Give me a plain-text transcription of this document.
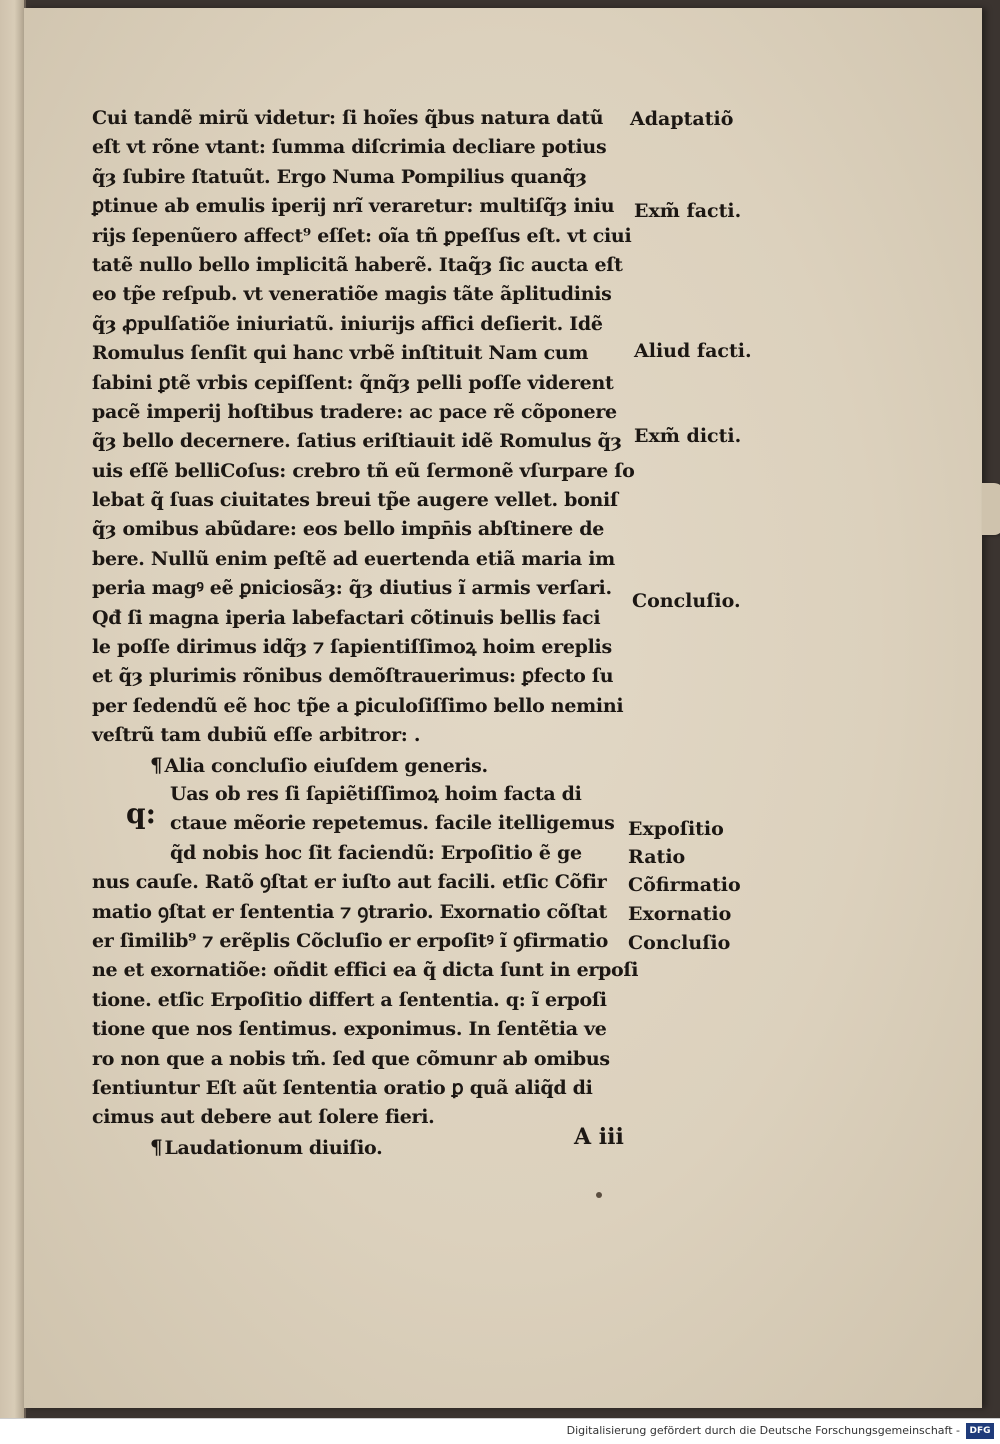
Cui tandẽ mirũ videtur: ſi hoĩes q̃bus natura datũ
eſt vt rõne vtant: ſumma diſcrimia decliare potius
q̃ȝ ſubire ſtatuũt. Ergo Numa Pompilius quanq̃ȝ
ꝑtinue ab emulis iperij nrĩ veraretur: multiſq̃ȝ iniu
rijs ſepenũero affect⁹ eſſet: oĩa tñ ꝑpeſſus eſt. vt ciui
tatẽ nullo bello implicitã haberẽ. Itaq̃ȝ ſic aucta eſt
eo tp̃e reſpub. vt veneratiõe magis tãte ãplitudinis
q̃ȝ ꝓpulſatiõe iniuriatũ. iniurijs affici deſierit. Idẽ
Romulus ſenſit qui hanc vrbẽ inſtituit Nam cum
ſabini ꝑtẽ vrbis cepiſſent: q̃nq̃ȝ pelli poſſe viderent
pacẽ imperij hoſtibus tradere: ac pace rẽ cõponere
q̃ȝ bello decernere. ſatius eriſtiauit idẽ Romulus q̃ȝ
uis eſſẽ belliCoſus: crebro tñ eũ ſermonẽ vſurpare ſo
lebat q̃ ſuas ciuitates breui tp̃e augere vellet. boniſ
q̃ȝ omibus abũdare: eos bello impn̄is abſtinere de
bere. Nullũ enim peſtẽ ad euertenda etiã maria im
peria magꝰ eẽ ꝑniciosãȝ: q̃ȝ diutius ĩ armis verſari.
Qđ ſi magna iperia labefactari cõtinuis bellis faci
le poſſe dirimus idq̃ȝ ⁊ ſapientiſſimoꝝ hoim ereplis
et q̃ȝ plurimis rõnibus demõſtrauerimus: ꝑfecto ſu
per ſedendũ eẽ hoc tp̃e a ꝑiculoſiſſimo bello nemini
veſtrũ tam dubiũ eſſe arbitror: .
¶ Alia concluſio eiuſdem generis.
Uas ob res ſi ſapiẽtiſſimoꝝ hoim facta di
ctaue mẽorie repetemus. facile itelligemus
q̃d nobis hoc ſit faciendũ: Erpoſitio ẽ ge
nus cauſe. Ratõ ꝯſtat er iuſto aut facili. etſic Cõfir
matio ꝯſtat er ſententia ⁊ ꝯtrario. Exornatio cõſtat
er ſimilib⁹ ⁊ erẽplis Cõcluſio er erpoſitꝰ ĩ ꝯfirmatio
ne et exornatiõe: oñdit effici ea q̃ dicta ſunt in erpoſi
tione. etſic Erpoſitio differt a ſententia. q: ĩ erpoſi
tione que nos ſentimus. exponimus. In ſentẽtia ve
ro non que a nobis tm̃. ſed que cõmunr ab omibus
ſentiuntur Eſt aũt ſententia oratio ꝑ quã aliq̃d di
cimus aut debere aut ſolere fieri.
¶ Laudationum diuiſio.
q:
Adaptatiõ
Exm̃ facti.
Aliud facti.
Exm̃ dicti.
Concluſio.
Expoſitio
Ratio
Cõfirmatio
Exornatio
Concluſio
A iii
Digitalisierung gefördert durch die Deutsche Forschungsgemeinschaft -	DFG
